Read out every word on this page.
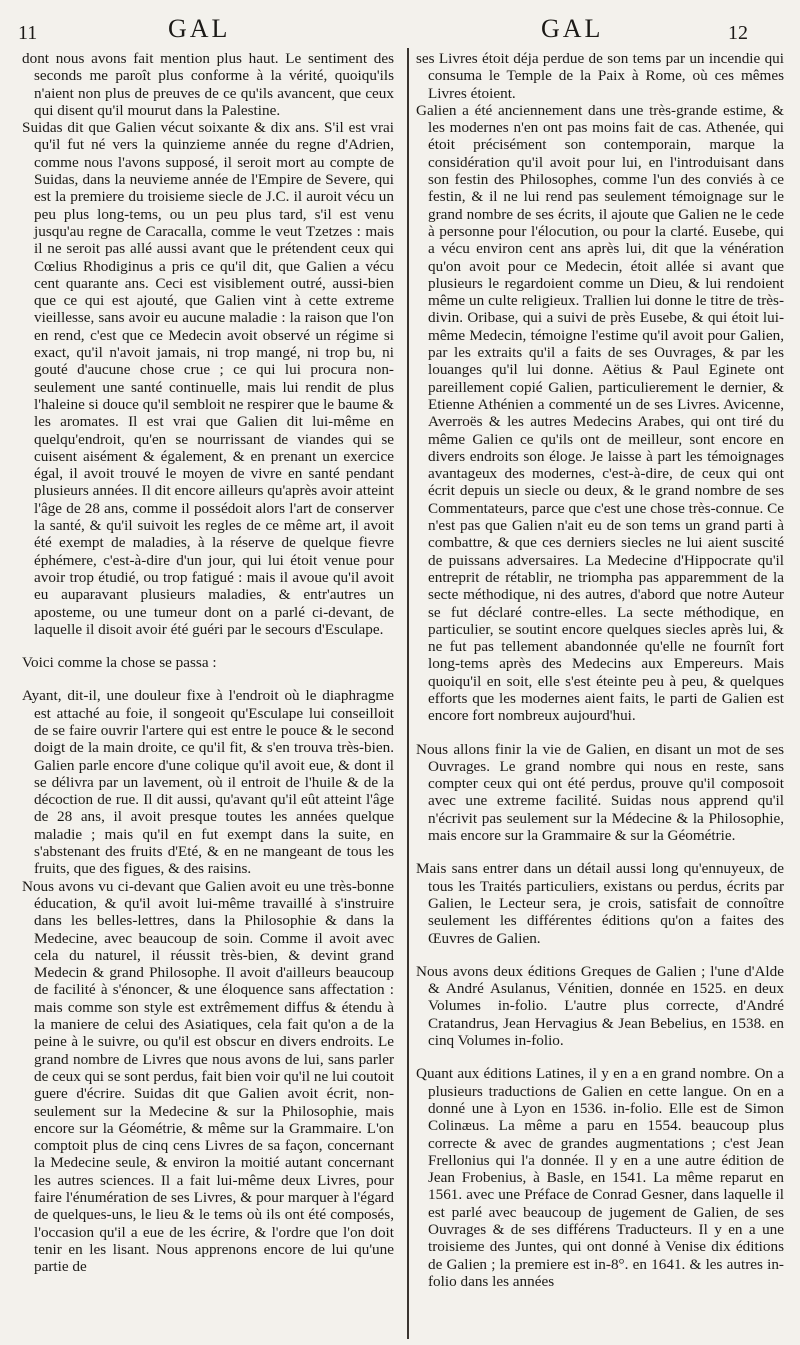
11	GAL	GAL	12

dont nous avons fait mention plus haut. Le sentiment des seconds me paroît plus conforme à la vérité, quoiqu'ils n'aient non plus de preuves de ce qu'ils avancent, que ceux qui disent qu'il mourut dans la Palestine.

Suidas dit que Galien vécut soixante & dix ans. S'il est vrai qu'il fut né vers la quinzieme année du regne d'Adrien, comme nous l'avons supposé, il seroit mort au compte de Suidas, dans la neuvieme année de l'Empire de Severe, qui est la premiere du troisieme siecle de J.C. il auroit vécu un peu plus long-tems, ou un peu plus tard, s'il est venu jusqu'au regne de Caracalla, comme le veut Tzetzes : mais il ne seroit pas allé aussi avant que le prétendent ceux qui Cœlius Rhodiginus a pris ce qu'il dit, que Galien a vécu cent quarante ans. Ceci est visiblement outré, aussi-bien que ce qui est ajouté, que Galien vint à cette extreme vieillesse, sans avoir eu aucune maladie : la raison que l'on en rend, c'est que ce Medecin avoit observé un régime si exact, qu'il n'avoit jamais, ni trop mangé, ni trop bu, ni gouté d'aucune chose crue ; ce qui lui procura non-seulement une santé continuelle, mais lui rendit de plus l'haleine si douce qu'il sembloit ne respirer que le baume & les aromates. Il est vrai que Galien dit lui-même en quelqu'endroit, qu'en se nourrissant de viandes qui se cuisent aisément & également, & en prenant un exercice égal, il avoit trouvé le moyen de vivre en santé pendant plusieurs années. Il dit encore ailleurs qu'après avoir atteint l'âge de 28 ans, comme il possédoit alors l'art de conserver la santé, & qu'il suivoit les regles de ce même art, il avoit été exempt de maladies, à la réserve de quelque fievre éphémere, c'est-à-dire d'un jour, qui lui étoit venue pour avoir trop étudié, ou trop fatigué : mais il avoue qu'il avoit eu auparavant plusieurs maladies, & entr'autres un aposteme, ou une tumeur dont on a parlé ci-devant, de laquelle il disoit avoir été guéri par le secours d'Esculape.

Voici comme la chose se passa :

Ayant, dit-il, une douleur fixe à l'endroit où le diaphragme est attaché au foie, il songeoit qu'Esculape lui conseilloit de se faire ouvrir l'artere qui est entre le pouce & le second doigt de la main droite, ce qu'il fit, & s'en trouva très-bien. Galien parle encore d'une colique qu'il avoit eue, & dont il se délivra par un lavement, où il entroit de l'huile & de la décoction de rue. Il dit aussi, qu'avant qu'il eût atteint l'âge de 28 ans, il avoit presque toutes les années quelque maladie ; mais qu'il en fut exempt dans la suite, en s'abstenant des fruits d'Eté, & en ne mangeant de tous les fruits, que des figues, & des raisins.

Nous avons vu ci-devant que Galien avoit eu une très-bonne éducation, & qu'il avoit lui-même travaillé à s'instruire dans les belles-lettres, dans la Philosophie & dans la Medecine, avec beaucoup de soin. Comme il avoit avec cela du naturel, il réussit très-bien, & devint grand Medecin & grand Philosophe. Il avoit d'ailleurs beaucoup de facilité à s'énoncer, & une éloquence sans affectation : mais comme son style est extrêmement diffus & étendu à la maniere de celui des Asiatiques, cela fait qu'on a de la peine à le suivre, ou qu'il est obscur en divers endroits. Le grand nombre de Livres que nous avons de lui, sans parler de ceux qui se sont perdus, fait bien voir qu'il ne lui coutoit guere d'écrire. Suidas dit que Galien avoit écrit, non-seulement sur la Medecine & sur la Philosophie, mais encore sur la Géométrie, & même sur la Grammaire. L'on comptoit plus de cinq cens Livres de sa façon, concernant la Medecine seule, & environ la moitié autant concernant les autres sciences. Il a fait lui-même deux Livres, pour faire l'énumération de ses Livres, & pour marquer à l'égard de quelques-uns, le lieu & le tems où ils ont été composés, l'occasion qu'il a eue de les écrire, & l'ordre que l'on doit tenir en les lisant. Nous apprenons encore de lui qu'une partie de

ses Livres étoit déja perdue de son tems par un incendie qui consuma le Temple de la Paix à Rome, où ces mêmes Livres étoient.

Galien a été anciennement dans une très-grande estime, & les modernes n'en ont pas moins fait de cas. Athenée, qui étoit précisément son contemporain, marque la considération qu'il avoit pour lui, en l'introduisant dans son festin des Philosophes, comme l'un des conviés à ce festin, & il ne lui rend pas seulement témoignage sur le grand nombre de ses écrits, il ajoute que Galien ne le cede à personne pour l'élocution, ou pour la clarté. Eusebe, qui a vécu environ cent ans après lui, dit que la vénération qu'on avoit pour ce Medecin, étoit allée si avant que plusieurs le regardoient comme un Dieu, & lui rendoient même un culte religieux. Trallien lui donne le titre de très-divin. Oribase, qui a suivi de près Eusebe, & qui étoit lui-même Medecin, témoigne l'estime qu'il avoit pour Galien, par les extraits qu'il a faits de ses Ouvrages, & par les louanges qu'il lui donne. Aëtius & Paul Eginete ont pareillement copié Galien, particulierement le dernier, & Etienne Athénien a commenté un de ses Livres. Avicenne, Averroës & les autres Medecins Arabes, qui ont tiré du même Galien ce qu'ils ont de meilleur, sont encore en divers endroits son éloge. Je laisse à part les témoignages avantageux des modernes, c'est-à-dire, de ceux qui ont écrit depuis un siecle ou deux, & le grand nombre de ses Commentateurs, parce que c'est une chose très-connue. Ce n'est pas que Galien n'ait eu de son tems un grand parti à combattre, & que ces derniers siecles ne lui aient suscité de puissans adversaires. La Medecine d'Hippocrate qu'il entreprit de rétablir, ne triompha pas apparemment de la secte méthodique, ni des autres, d'abord que notre Auteur se fut déclaré contre-elles. La secte méthodique, en particulier, se soutint encore quelques siecles après lui, & ne fut pas tellement abandonnée qu'elle ne fournît fort long-tems après des Medecins aux Empereurs. Mais quoiqu'il en soit, elle s'est éteinte peu à peu, & quelques efforts que les modernes aient faits, le parti de Galien est encore fort nombreux aujourd'hui.

Nous allons finir la vie de Galien, en disant un mot de ses Ouvrages. Le grand nombre qui nous en reste, sans compter ceux qui ont été perdus, prouve qu'il composoit avec une extreme facilité. Suidas nous apprend qu'il n'écrivit pas seulement sur la Médecine & la Philosophie, mais encore sur la Grammaire & sur la Géométrie.

Mais sans entrer dans un détail aussi long qu'ennuyeux, de tous les Traités particuliers, existans ou perdus, écrits par Galien, le Lecteur sera, je crois, satisfait de connoître seulement les différentes éditions qu'on a faites des Œuvres de Galien.

Nous avons deux éditions Greques de Galien ; l'une d'Alde & André Asulanus, Vénitien, donnée en 1525. en deux Volumes in-folio. L'autre plus correcte, d'André Cratandrus, Jean Hervagius & Jean Bebelius, en 1538. en cinq Volumes in-folio.

Quant aux éditions Latines, il y en a en grand nombre. On a plusieurs traductions de Galien en cette langue. On en a donné une à Lyon en 1536. in-folio. Elle est de Simon Colinæus. La même a paru en 1554. beaucoup plus correcte & avec de grandes augmentations ; c'est Jean Frellonius qui l'a donnée. Il y en a une autre édition de Jean Frobenius, à Basle, en 1541. La même reparut en 1561. avec une Préface de Conrad Gesner, dans laquelle il est parlé avec beaucoup de jugement de Galien, de ses Ouvrages & de ses différens Traducteurs. Il y en a une troisieme des Juntes, qui ont donné à Venise dix éditions de Galien ; la premiere est in-8°. en 1641. & les autres in-folio dans les années
